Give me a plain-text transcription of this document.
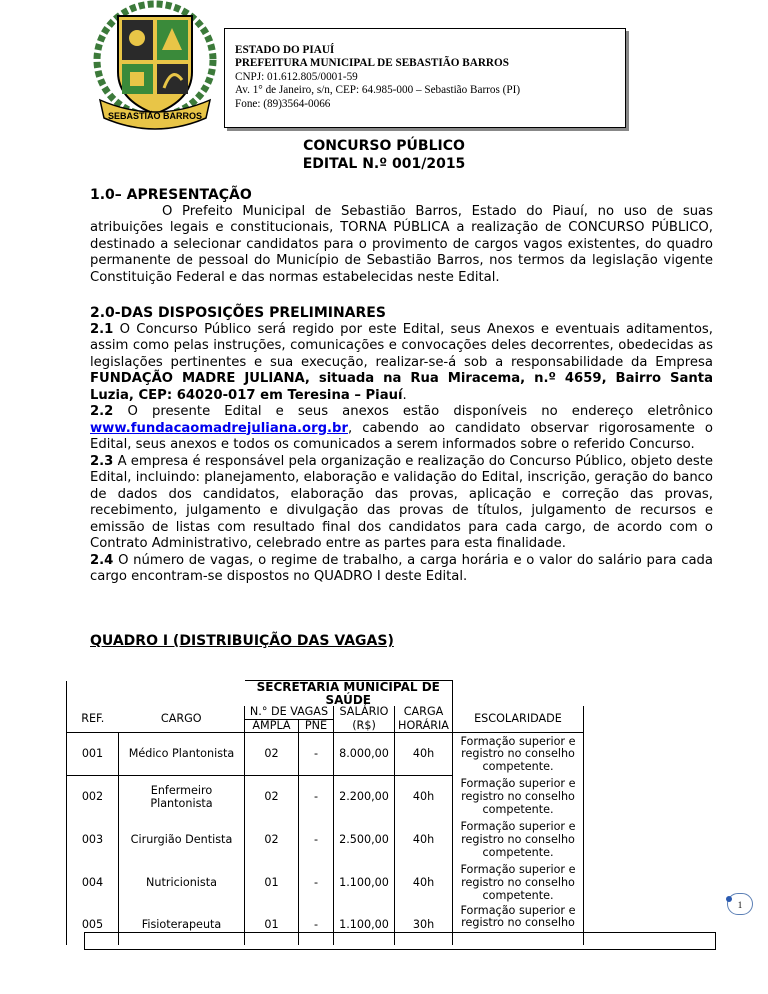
SEBASTIÃO BARROS
ESTADO DO PIAUÍ
PREFEITURA MUNICIPAL DE SEBASTIÃO BARROS
CNPJ: 01.612.805/0001-59
Av. 1° de Janeiro, s/n, CEP: 64.985-000 – Sebastião Barros (PI)
Fone: (89)3564-0066
CONCURSO PÚBLICO
EDITAL N.º 001/2015

1.0– APRESENTAÇÃO

O Prefeito Municipal de Sebastião Barros, Estado do Piauí, no uso de suas atribuições legais e constitucionais, TORNA PÚBLICA a realização de CONCURSO PÚBLICO, destinado a selecionar candidatos para o provimento de cargos vagos existentes, do quadro permanente de pessoal do Município de Sebastião Barros, nos termos da legislação vigente Constituição Federal e das normas estabelecidas neste Edital.

2.0-DAS DISPOSIÇÕES PRELIMINARES

2.1 O Concurso Público será regido por este Edital, seus Anexos e eventuais aditamentos, assim como pelas instruções, comunicações e convocações deles decorrentes, obedecidas as legislações pertinentes e sua execução, realizar-se-á sob a responsabilidade da Empresa FUNDAÇÃO MADRE JULIANA, situada na Rua Miracema, n.º 4659, Bairro Santa Luzia, CEP: 64020-017 em Teresina – Piauí.

2.2 O presente Edital e seus anexos estão disponíveis no endereço eletrônico www.fundacaomadrejuliana.org.br, cabendo ao candidato observar rigorosamente o Edital, seus anexos e todos os comunicados a serem informados sobre o referido Concurso.

2.3 A empresa é responsável pela organização e realização do Concurso Público, objeto deste Edital, incluindo: planejamento, elaboração e validação do Edital, inscrição, geração do banco de dados dos candidatos, elaboração das provas, aplicação e correção das provas, recebimento, julgamento e divulgação das provas de títulos, julgamento de recursos e emissão de listas com resultado final dos candidatos para cada cargo, de acordo com o Contrato Administrativo, celebrado entre as partes para esta finalidade.

2.4 O número de vagas, o regime de trabalho, a carga horária e o valor do salário para cada cargo encontram-se dispostos no QUADRO I deste Edital.

QUADRO I (DISTRIBUIÇÃO DAS VAGAS)
		SECRETARIA MUNICIPAL DE SAÚDE					
REF.	CARGO	N.° DE VAGAS		SALÁRIO	CARGA	ESCOLARIDADE	
		AMPLA	PNE	(R$)	HORÁRIA		
001	Médico Plantonista	02	-	8.000,00	40h	Formação superior e
registro no conselho
competente.	

002	Enfermeiro Plantonista	02	-	2.200,00	40h	Formação superior e
registro no conselho
competente.	

003	Cirurgião Dentista	02	-	2.500,00	40h	Formação superior e
registro no conselho
competente.	

004	Nutricionista	01	-	1.100,00	40h	Formação superior e
registro no conselho
competente.	

005	Fisioterapeuta	01	-	1.100,00	30h	Formação superior e
registro no conselho	

1
